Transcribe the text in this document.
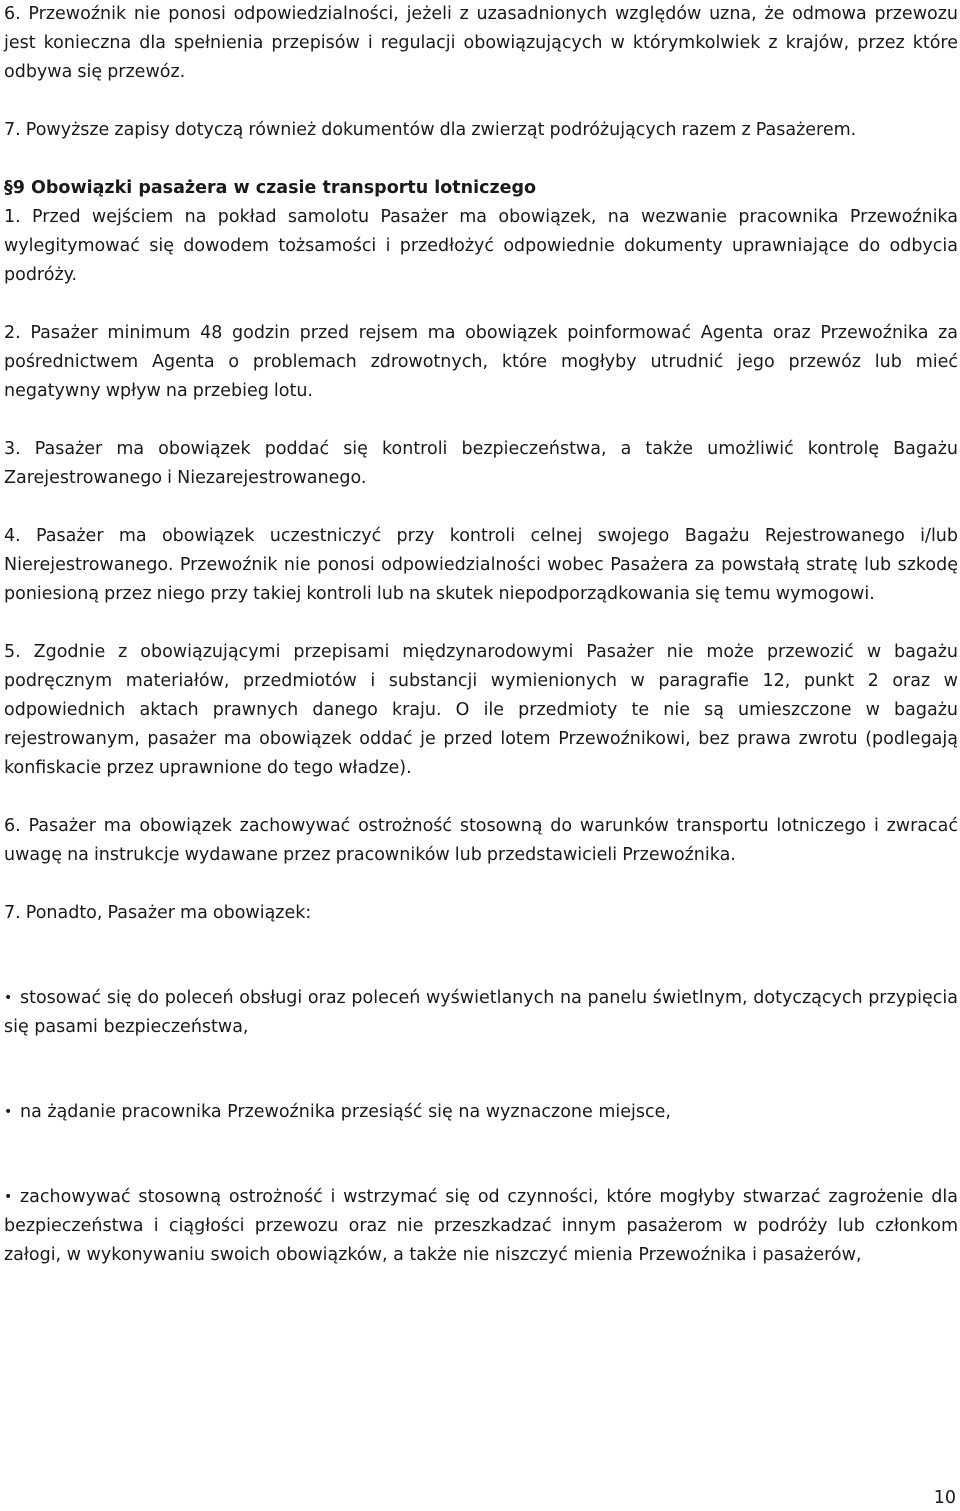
6. Przewoźnik nie ponosi odpowiedzialności, jeżeli z uzasadnionych względów uzna, że odmowa przewozu jest konieczna dla spełnienia przepisów i regulacji obowiązujących w którymkolwiek z krajów, przez które odbywa się przewóz.

7. Powyższe zapisy dotyczą również dokumentów dla zwierząt podróżujących razem z Pasażerem.

§9 Obowiązki pasażera w czasie transportu lotniczego

1. Przed wejściem na pokład samolotu Pasażer ma obowiązek, na wezwanie pracownika Przewoźnika wylegitymować się dowodem tożsamości i przedłożyć odpowiednie dokumenty uprawniające do odbycia podróży.

2. Pasażer minimum 48 godzin przed rejsem ma obowiązek poinformować Agenta oraz Przewoźnika za pośrednictwem Agenta o problemach zdrowotnych, które mogłyby utrudnić jego przewóz lub mieć negatywny wpływ na przebieg lotu.

3. Pasażer ma obowiązek poddać się kontroli bezpieczeństwa, a także umożliwić kontrolę Bagażu Zarejestrowanego i Niezarejestrowanego.

4. Pasażer ma obowiązek uczestniczyć przy kontroli celnej swojego Bagażu Rejestrowanego i/lub Nierejestrowanego. Przewoźnik nie ponosi odpowiedzialności wobec Pasażera za powstałą stratę lub szkodę poniesioną przez niego przy takiej kontroli lub na skutek niepodporządkowania się temu wymogowi.

5. Zgodnie z obowiązującymi przepisami międzynarodowymi Pasażer nie może przewozić w bagażu podręcznym materiałów, przedmiotów i substancji wymienionych w paragrafie 12, punkt 2 oraz w odpowiednich aktach prawnych danego kraju. O ile przedmioty te nie są umieszczone w bagażu rejestrowanym, pasażer ma obowiązek oddać je przed lotem Przewoźnikowi, bez prawa zwrotu (podlegają konfiskacie przez uprawnione do tego władze).

6. Pasażer ma obowiązek zachowywać ostrożność stosowną do warunków transportu lotniczego i zwracać uwagę na instrukcje wydawane przez pracowników lub przedstawicieli Przewoźnika.

7. Ponadto, Pasażer ma obowiązek:

• stosować się do poleceń obsługi oraz poleceń wyświetlanych na panelu świetlnym, dotyczących przypięcia się pasami bezpieczeństwa,

• na żądanie pracownika Przewoźnika przesiąść się na wyznaczone miejsce,

• zachowywać stosowną ostrożność i wstrzymać się od czynności, które mogłyby stwarzać zagrożenie dla bezpieczeństwa i ciągłości przewozu oraz nie przeszkadzać innym pasażerom w podróży lub członkom załogi, w wykonywaniu swoich obowiązków, a także nie niszczyć mienia Przewoźnika i pasażerów,

10
